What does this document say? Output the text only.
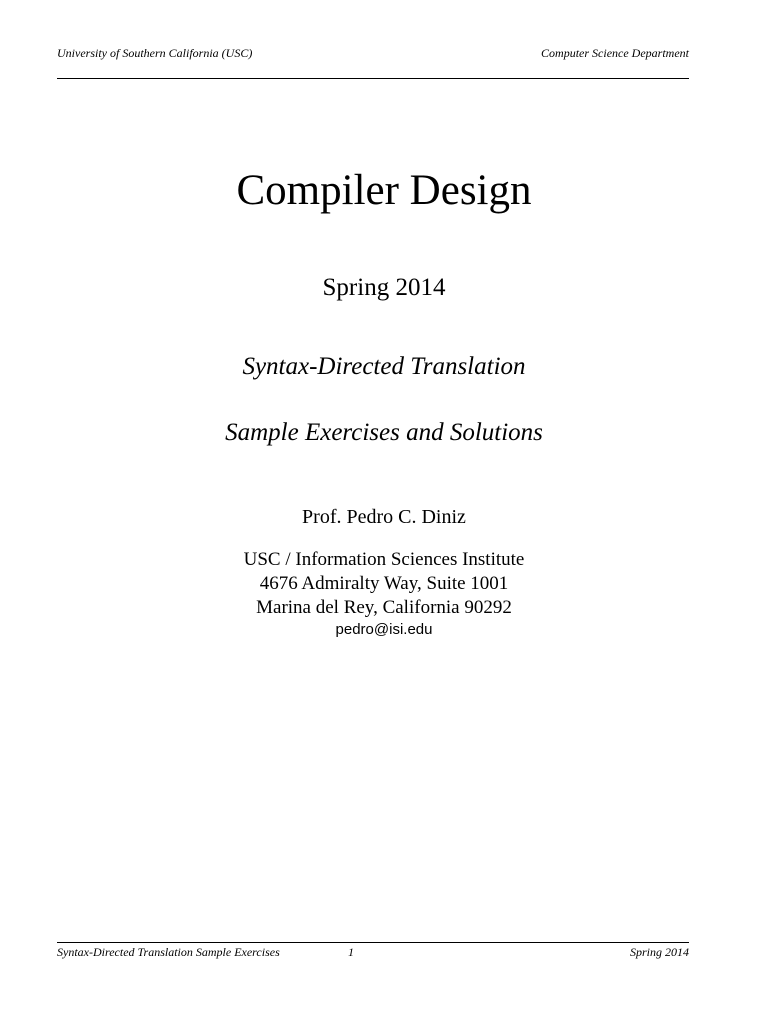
University of Southern California (USC)	Computer Science Department
Compiler Design
Spring 2014
Syntax-Directed Translation
Sample Exercises and Solutions
Prof. Pedro C. Diniz
USC / Information Sciences Institute
4676 Admiralty Way, Suite 1001
Marina del Rey, California 90292
pedro@isi.edu
Syntax-Directed Translation Sample Exercises	1	Spring 2014
